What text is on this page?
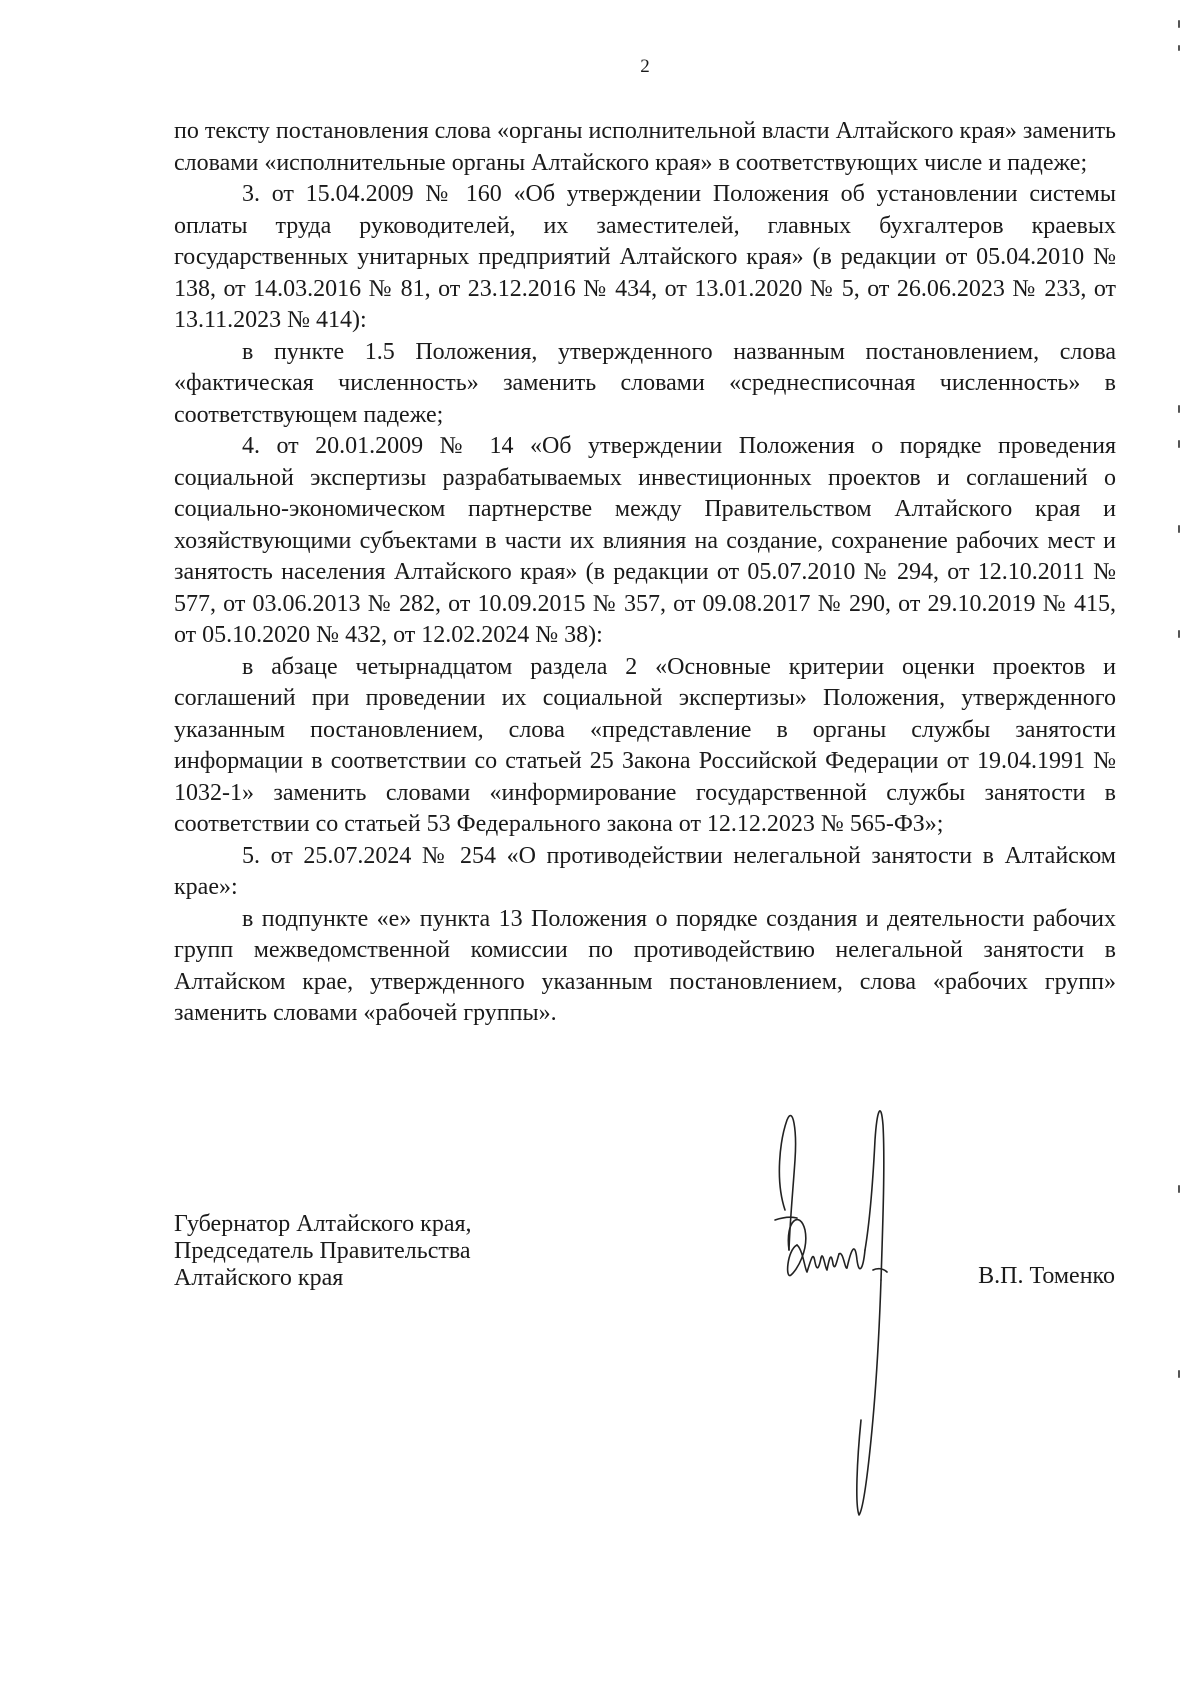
2

по тексту постановления слова «органы исполнительной власти Алтайского края» заменить словами «исполнительные органы Алтайского края» в соответствующих числе и падеже;

3. от 15.04.2009 № 160 «Об утверждении Положения об установлении системы оплаты труда руководителей, их заместителей, главных бухгалтеров краевых государственных унитарных предприятий Алтайского края» (в редакции от 05.04.2010 № 138, от 14.03.2016 № 81, от 23.12.2016 № 434, от 13.01.2020 № 5, от 26.06.2023 № 233, от 13.11.2023 № 414):

в пункте 1.5 Положения, утвержденного названным постановлением, слова «фактическая численность» заменить словами «среднесписочная численность» в соответствующем падеже;

4. от 20.01.2009 № 14 «Об утверждении Положения о порядке проведения социальной экспертизы разрабатываемых инвестиционных проектов и соглашений о социально-экономическом партнерстве между Правительством Алтайского края и хозяйствующими субъектами в части их влияния на создание, сохранение рабочих мест и занятость населения Алтайского края» (в редакции от 05.07.2010 № 294, от 12.10.2011 № 577, от 03.06.2013 № 282, от 10.09.2015 № 357, от 09.08.2017 № 290, от 29.10.2019 № 415, от 05.10.2020 № 432, от 12.02.2024 № 38):

в абзаце четырнадцатом раздела 2 «Основные критерии оценки проектов и соглашений при проведении их социальной экспертизы» Положения, утвержденного указанным постановлением, слова «представление в органы службы занятости информации в соответствии со статьей 25 Закона Российской Федерации от 19.04.1991 № 1032-1» заменить словами «информирование государственной службы занятости в соответствии со статьей 53 Федерального закона от 12.12.2023 № 565-ФЗ»;

5. от 25.07.2024 № 254 «О противодействии нелегальной занятости в Алтайском крае»:

в подпункте «е» пункта 13 Положения о порядке создания и деятельности рабочих групп межведомственной комиссии по противодействию нелегальной занятости в Алтайском крае, утвержденного указанным постановлением, слова «рабочих групп» заменить словами «рабочей группы».

Губернатор Алтайского края,
Председатель Правительства
Алтайского края	В.П. Томенко
